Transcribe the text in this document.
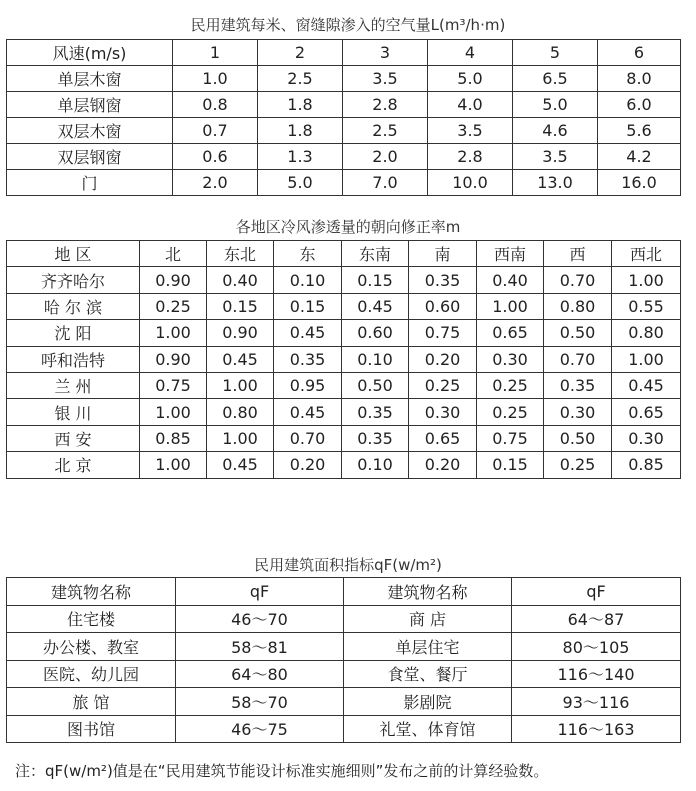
民用建筑每米、窗缝隙渗入的空气量L(m³/h·m)
风速(m/s)	1	2	3	4	5	6
单层木窗	1.0	2.5	3.5	5.0	6.5	8.0
单层钢窗	0.8	1.8	2.8	4.0	5.0	6.0
双层木窗	0.7	1.8	2.5	3.5	4.6	5.6
双层钢窗	0.6	1.3	2.0	2.8	3.5	4.2
门	2.0	5.0	7.0	10.0	13.0	16.0
各地区冷风渗透量的朝向修正率m
地 区	北	东北	东	东南	南	西南	西	西北
齐齐哈尔	0.90	0.40	0.10	0.15	0.35	0.40	0.70	1.00
哈 尔 滨	0.25	0.15	0.15	0.45	0.60	1.00	0.80	0.55
沈 阳	1.00	0.90	0.45	0.60	0.75	0.65	0.50	0.80
呼和浩特	0.90	0.45	0.35	0.10	0.20	0.30	0.70	1.00
兰 州	0.75	1.00	0.95	0.50	0.25	0.25	0.35	0.45
银 川	1.00	0.80	0.45	0.35	0.30	0.25	0.30	0.65
西 安	0.85	1.00	0.70	0.35	0.65	0.75	0.50	0.30
北 京	1.00	0.45	0.20	0.10	0.20	0.15	0.25	0.85
民用建筑面积指标qF(w/m²)
建筑物名称	qF	建筑物名称	qF
住宅楼	46～70	商 店	64～87
办公楼、教室	58～81	单层住宅	80～105
医院、幼儿园	64～80	食堂、餐厅	116～140
旅 馆	58～70	影剧院	93～116
图书馆	46～75	礼堂、体育馆	116～163
注：qF(w/m²)值是在“民用建筑节能设计标准实施细则”发布之前的计算经验数。
